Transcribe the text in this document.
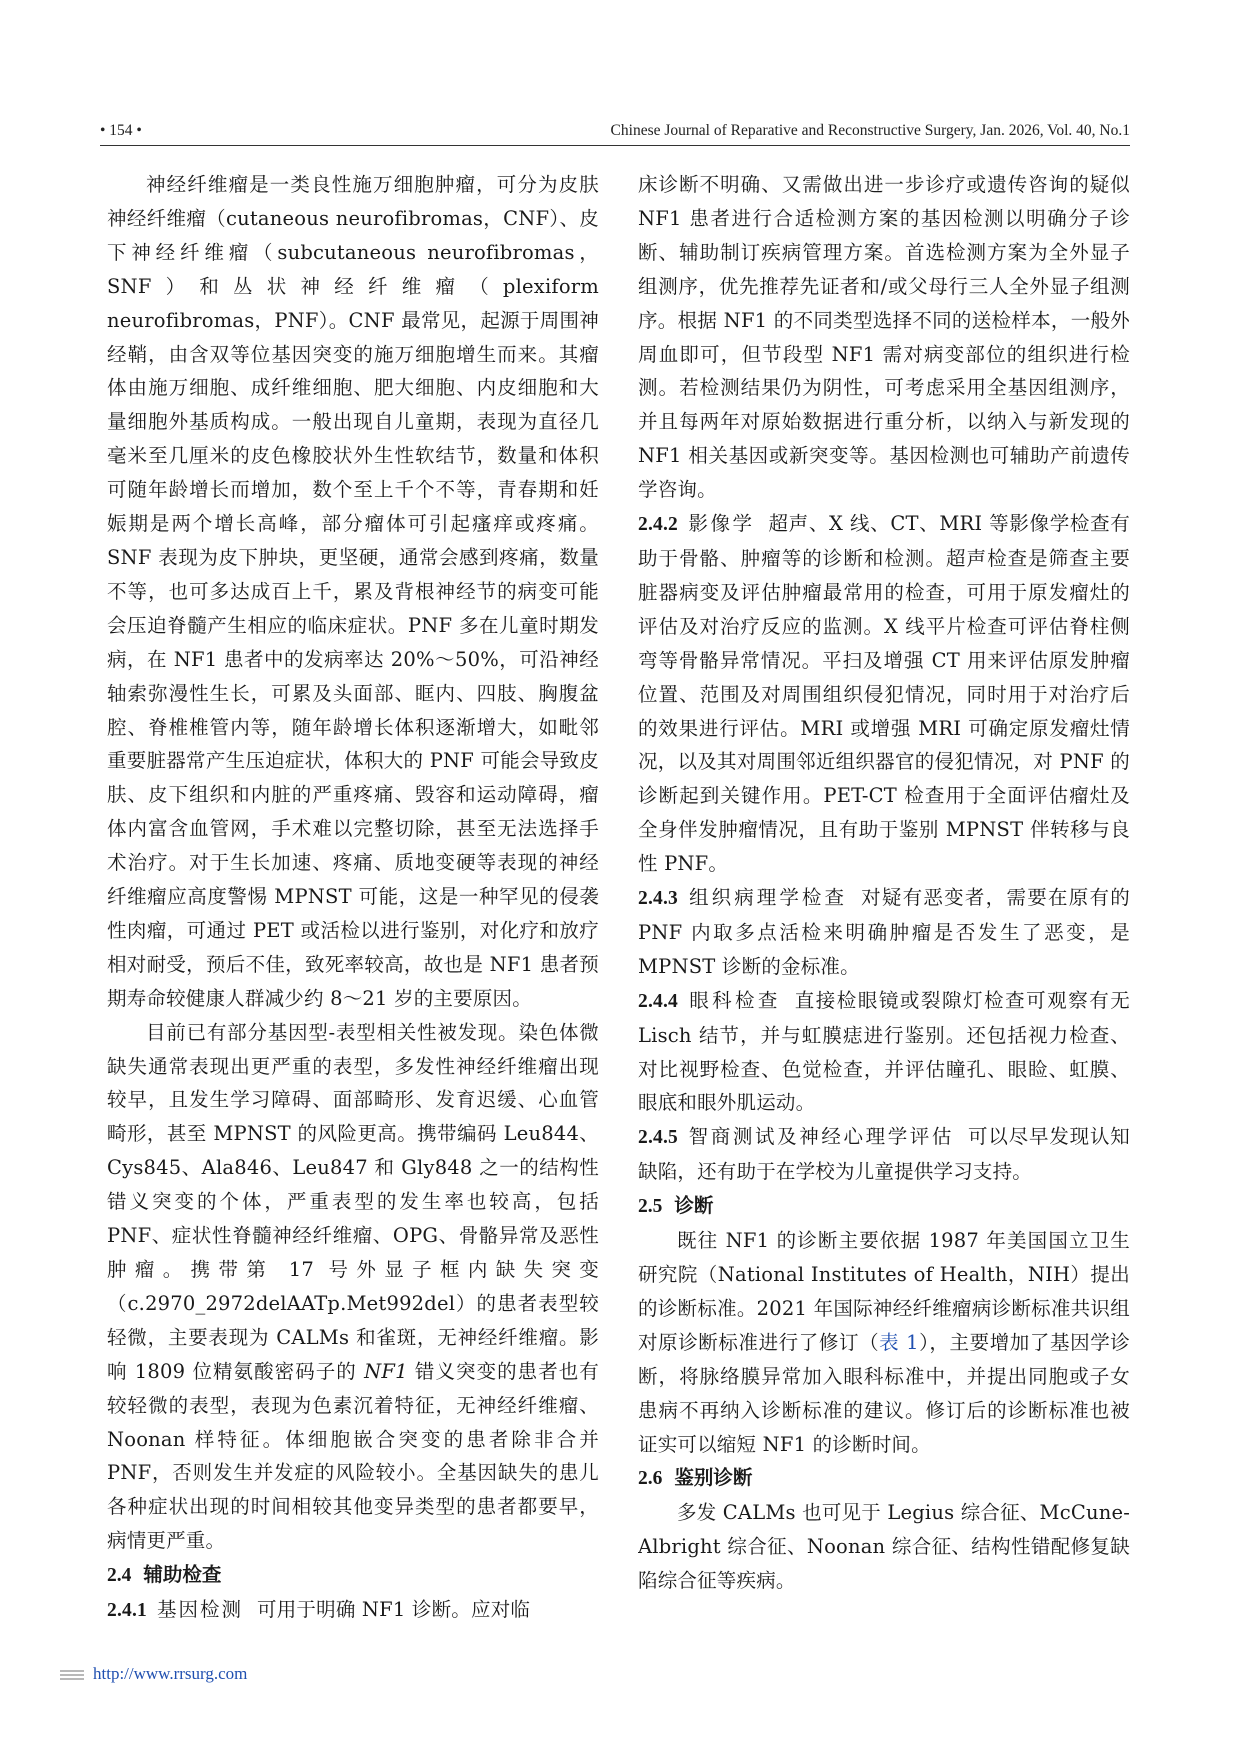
• 154 •	Chinese Journal of Reparative and Reconstructive Surgery, Jan. 2026, Vol. 40, No.1

神经纤维瘤是一类良性施万细胞肿瘤，可分为皮肤神经纤维瘤（cutaneous neurofibromas，CNF）、皮下神经纤维瘤（subcutaneous neurofibromas，SNF）和丛状神经纤维瘤（plexiform neurofibromas，PNF）。CNF 最常见，起源于周围神经鞘，由含双等位基因突变的施万细胞增生而来。其瘤体由施万细胞、成纤维细胞、肥大细胞、内皮细胞和大量细胞外基质构成。一般出现自儿童期，表现为直径几毫米至几厘米的皮色橡胶状外生性软结节，数量和体积可随年龄增长而增加，数个至上千个不等，青春期和妊娠期是两个增长高峰，部分瘤体可引起瘙痒或疼痛。SNF 表现为皮下肿块，更坚硬，通常会感到疼痛，数量不等，也可多达成百上千，累及背根神经节的病变可能会压迫脊髓产生相应的临床症状。PNF 多在儿童时期发病，在 NF1 患者中的发病率达 20%～50%，可沿神经轴索弥漫性生长，可累及头面部、眶内、四肢、胸腹盆腔、脊椎椎管内等，随年龄增长体积逐渐增大，如毗邻重要脏器常产生压迫症状，体积大的 PNF 可能会导致皮肤、皮下组织和内脏的严重疼痛、毁容和运动障碍，瘤体内富含血管网，手术难以完整切除，甚至无法选择手术治疗。对于生长加速、疼痛、质地变硬等表现的神经纤维瘤应高度警惕 MPNST 可能，这是一种罕见的侵袭性肉瘤，可通过 PET 或活检以进行鉴别，对化疗和放疗相对耐受，预后不佳，致死率较高，故也是 NF1 患者预期寿命较健康人群减少约 8～21 岁的主要原因。

目前已有部分基因型-表型相关性被发现。染色体微缺失通常表现出更严重的表型，多发性神经纤维瘤出现较早，且发生学习障碍、面部畸形、发育迟缓、心血管畸形，甚至 MPNST 的风险更高。携带编码 Leu844、Cys845、Ala846、Leu847 和 Gly848 之一的结构性错义突变的个体，严重表型的发生率也较高，包括 PNF、症状性脊髓神经纤维瘤、OPG、骨骼异常及恶性肿瘤。携带第 17 号外显子框内缺失突变（c.2970_2972delAATp.Met992del）的患者表型较轻微，主要表现为 CALMs 和雀斑，无神经纤维瘤。影响 1809 位精氨酸密码子的 NF1 错义突变的患者也有较轻微的表型，表现为色素沉着特征，无神经纤维瘤、Noonan 样特征。体细胞嵌合突变的患者除非合并 PNF，否则发生并发症的风险较小。全基因缺失的患儿各种症状出现的时间相较其他变异类型的患者都要早，病情更严重。

2.4 辅助检查

2.4.1 基因检测 可用于明确 NF1 诊断。应对临

床诊断不明确、又需做出进一步诊疗或遗传咨询的疑似 NF1 患者进行合适检测方案的基因检测以明确分子诊断、辅助制订疾病管理方案。首选检测方案为全外显子组测序，优先推荐先证者和/或父母行三人全外显子组测序。根据 NF1 的不同类型选择不同的送检样本，一般外周血即可，但节段型 NF1 需对病变部位的组织进行检测。若检测结果仍为阴性，可考虑采用全基因组测序，并且每两年对原始数据进行重分析，以纳入与新发现的 NF1 相关基因或新突变等。基因检测也可辅助产前遗传学咨询。

2.4.2 影像学 超声、X 线、CT、MRI 等影像学检查有助于骨骼、肿瘤等的诊断和检测。超声检查是筛查主要脏器病变及评估肿瘤最常用的检查，可用于原发瘤灶的评估及对治疗反应的监测。X 线平片检查可评估脊柱侧弯等骨骼异常情况。平扫及增强 CT 用来评估原发肿瘤位置、范围及对周围组织侵犯情况，同时用于对治疗后的效果进行评估。MRI 或增强 MRI 可确定原发瘤灶情况，以及其对周围邻近组织器官的侵犯情况，对 PNF 的诊断起到关键作用。PET-CT 检查用于全面评估瘤灶及全身伴发肿瘤情况，且有助于鉴别 MPNST 伴转移与良性 PNF。

2.4.3 组织病理学检查 对疑有恶变者，需要在原有的 PNF 内取多点活检来明确肿瘤是否发生了恶变，是 MPNST 诊断的金标准。

2.4.4 眼科检查 直接检眼镜或裂隙灯检查可观察有无 Lisch 结节，并与虹膜痣进行鉴别。还包括视力检查、对比视野检查、色觉检查，并评估瞳孔、眼睑、虹膜、眼底和眼外肌运动。

2.4.5 智商测试及神经心理学评估 可以尽早发现认知缺陷，还有助于在学校为儿童提供学习支持。

2.5 诊断

既往 NF1 的诊断主要依据 1987 年美国国立卫生研究院（National Institutes of Health，NIH）提出的诊断标准。2021 年国际神经纤维瘤病诊断标准共识组对原诊断标准进行了修订（表 1），主要增加了基因学诊断，将脉络膜异常加入眼科标准中，并提出同胞或子女患病不再纳入诊断标准的建议。修订后的诊断标准也被证实可以缩短 NF1 的诊断时间。

2.6 鉴别诊断

多发 CALMs 也可见于 Legius 综合征、McCune-Albright 综合征、Noonan 综合征、结构性错配修复缺陷综合征等疾病。

http://www.rrsurg.com
